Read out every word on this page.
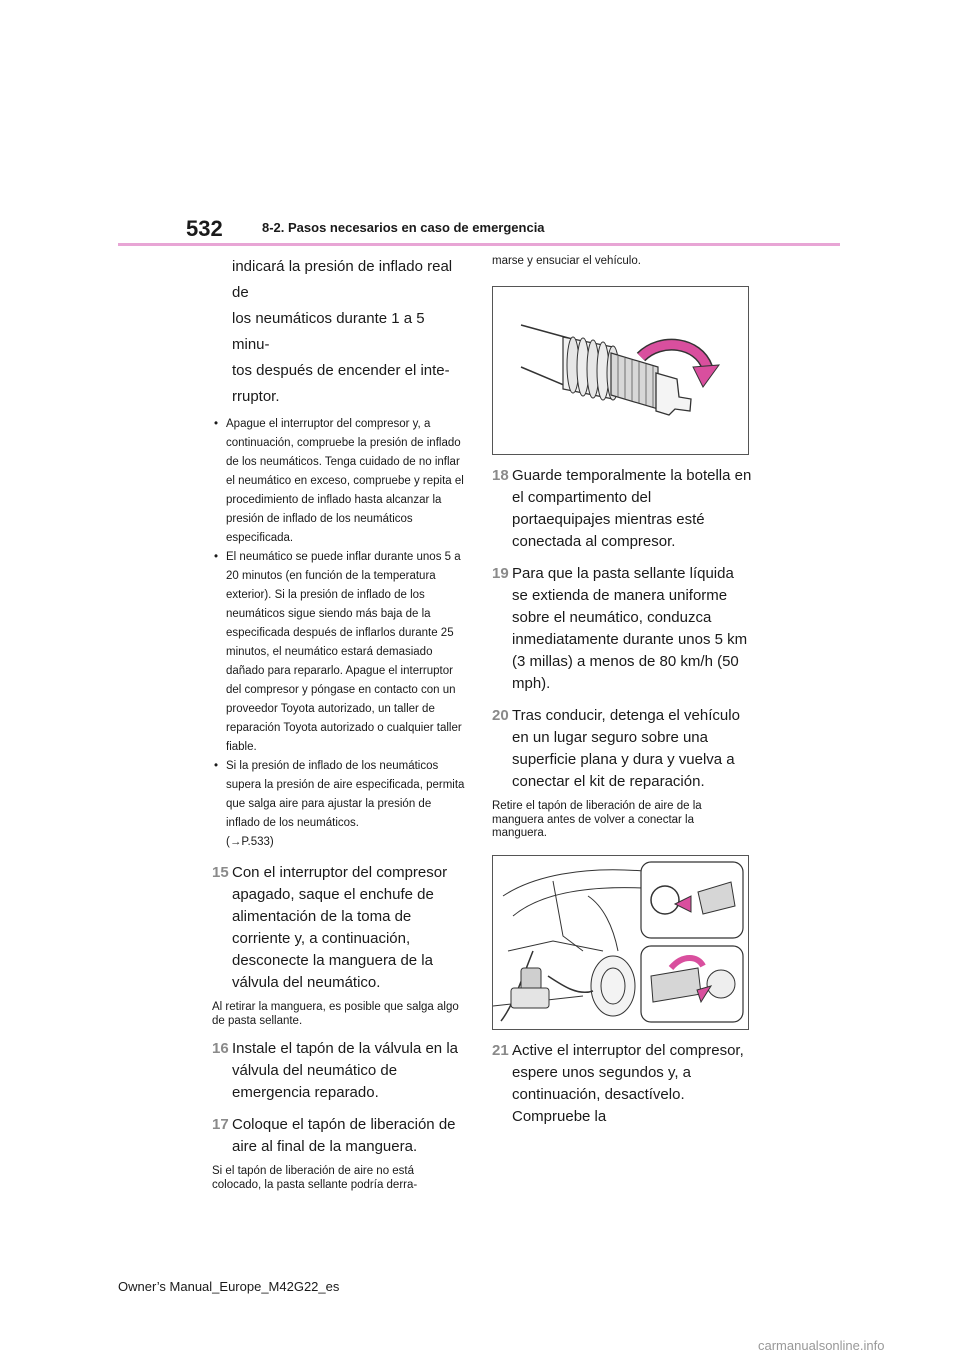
532	8-2. Pasos necesarios en caso de emergencia
indicará la presión de inflado real de
los neumáticos durante 1 a 5 minu-
tos después de encender el inte-
rruptor.
• Apague el interruptor del compresor y, a continuación, compruebe la presión de inflado de los neumáticos. Tenga cuidado de no inflar el neumático en exceso, compruebe y repita el procedimiento de inflado hasta alcanzar la presión de inflado de los neumáticos especificada.
• El neumático se puede inflar durante unos 5 a 20 minutos (en función de la temperatura exterior). Si la presión de inflado de los neumáticos sigue siendo más baja de la especificada después de inflarlos durante 25 minutos, el neumático estará demasiado dañado para repararlo. Apague el interruptor del compresor y póngase en contacto con un proveedor Toyota autorizado, un taller de reparación Toyota autorizado o cualquier taller fiable.
• Si la presión de inflado de los neumáticos supera la presión de aire especificada, permita que salga aire para ajustar la presión de inflado de los neumáticos.
(→P.533)
15 Con el interruptor del compresor apagado, saque el enchufe de alimentación de la toma de corriente y, a continuación, desconecte la manguera de la válvula del neumático.
Al retirar la manguera, es posible que salga algo de pasta sellante.
16 Instale el tapón de la válvula en la válvula del neumático de emergencia reparado.
17 Coloque el tapón de liberación de aire al final de la manguera.
Si el tapón de liberación de aire no está colocado, la pasta sellante podría derra-
marse y ensuciar el vehículo.
18 Guarde temporalmente la botella en el compartimento del portaequipajes mientras esté conectada al compresor.
19 Para que la pasta sellante líquida se extienda de manera uniforme sobre el neumático, conduzca inmediatamente durante unos 5 km (3 millas) a menos de 80 km/h (50 mph).
20 Tras conducir, detenga el vehículo en un lugar seguro sobre una superficie plana y dura y vuelva a conectar el kit de reparación.
Retire el tapón de liberación de aire de la manguera antes de volver a conectar la manguera.
21 Active el interruptor del compresor, espere unos segundos y, a continuación, desactívelo. Compruebe la
Owner’s Manual_Europe_M42G22_es
carmanualsonline.info
